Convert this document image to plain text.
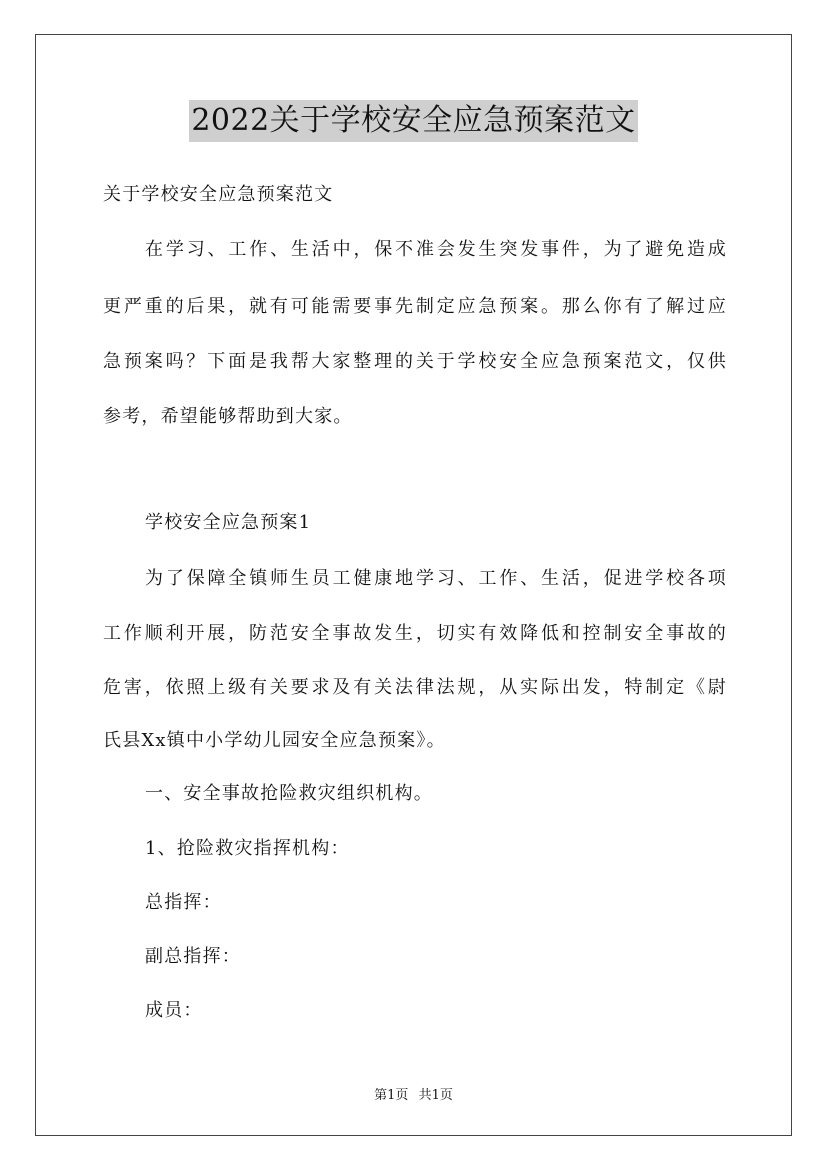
2022关于学校安全应急预案范文
关于学校安全应急预案范文
在学习、工作、生活中，保不准会发生突发事件，为了避免造成
更严重的后果，就有可能需要事先制定应急预案。那么你有了解过应
急预案吗？下面是我帮大家整理的关于学校安全应急预案范文，仅供
参考，希望能够帮助到大家。
学校安全应急预案1
为了保障全镇师生员工健康地学习、工作、生活，促进学校各项
工作顺利开展，防范安全事故发生，切实有效降低和控制安全事故的
危害，依照上级有关要求及有关法律法规，从实际出发，特制定《尉
氏县Xx镇中小学幼儿园安全应急预案》。
一、安全事故抢险救灾组织机构。
1、抢险救灾指挥机构：
总指挥：
副总指挥：
成员：
第1页 共1页
